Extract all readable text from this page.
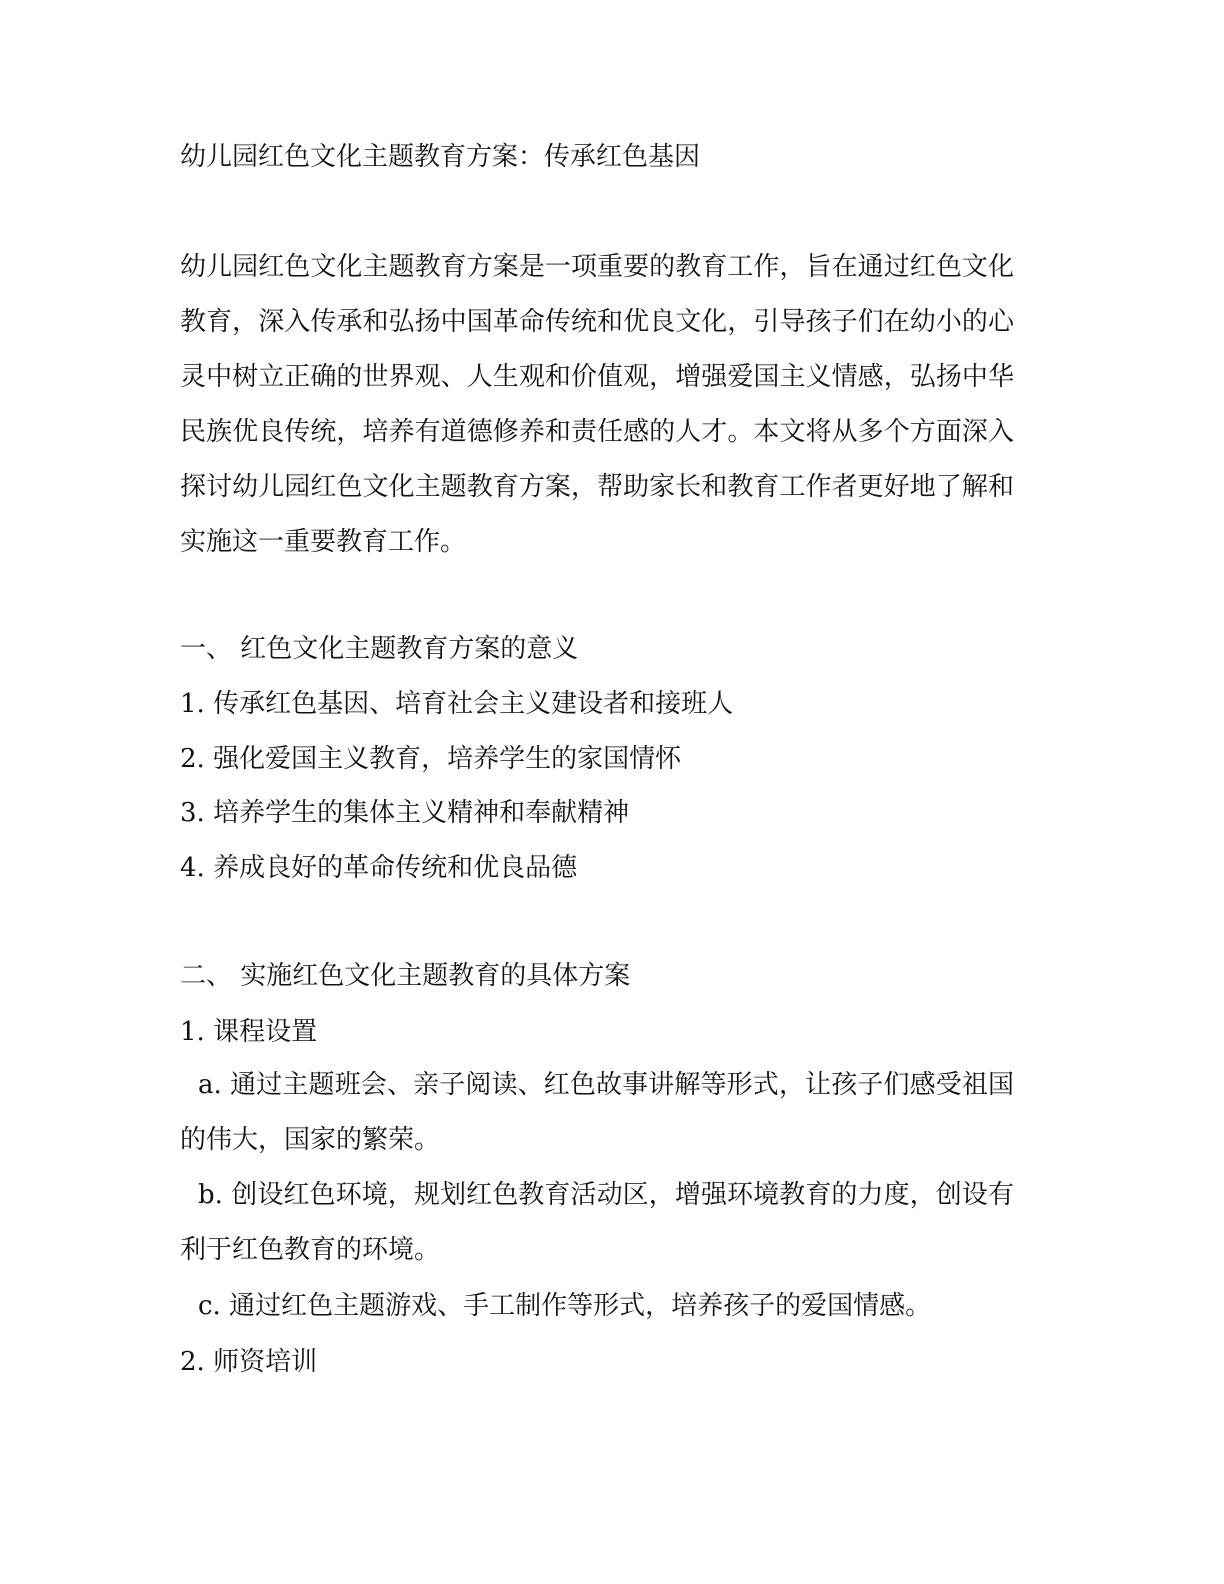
幼儿园红色文化主题教育方案：传承红色基因
幼儿园红色文化主题教育方案是一项重要的教育工作，旨在通过红色文化教育，深入传承和弘扬中国革命传统和优良文化，引导孩子们在幼小的心灵中树立正确的世界观、人生观和价值观，增强爱国主义情感，弘扬中华民族优良传统，培养有道德修养和责任感的人才。本文将从多个方面深入探讨幼儿园红色文化主题教育方案，帮助家长和教育工作者更好地了解和实施这一重要教育工作。
一、 红色文化主题教育方案的意义
1. 传承红色基因、培育社会主义建设者和接班人
2. 强化爱国主义教育，培养学生的家国情怀
3. 培养学生的集体主义精神和奉献精神
4. 养成良好的革命传统和优良品德
二、 实施红色文化主题教育的具体方案
1. 课程设置
a. 通过主题班会、亲子阅读、红色故事讲解等形式，让孩子们感受祖国的伟大，国家的繁荣。
b. 创设红色环境，规划红色教育活动区，增强环境教育的力度，创设有利于红色教育的环境。
c. 通过红色主题游戏、手工制作等形式，培养孩子的爱国情感。
2. 师资培训
